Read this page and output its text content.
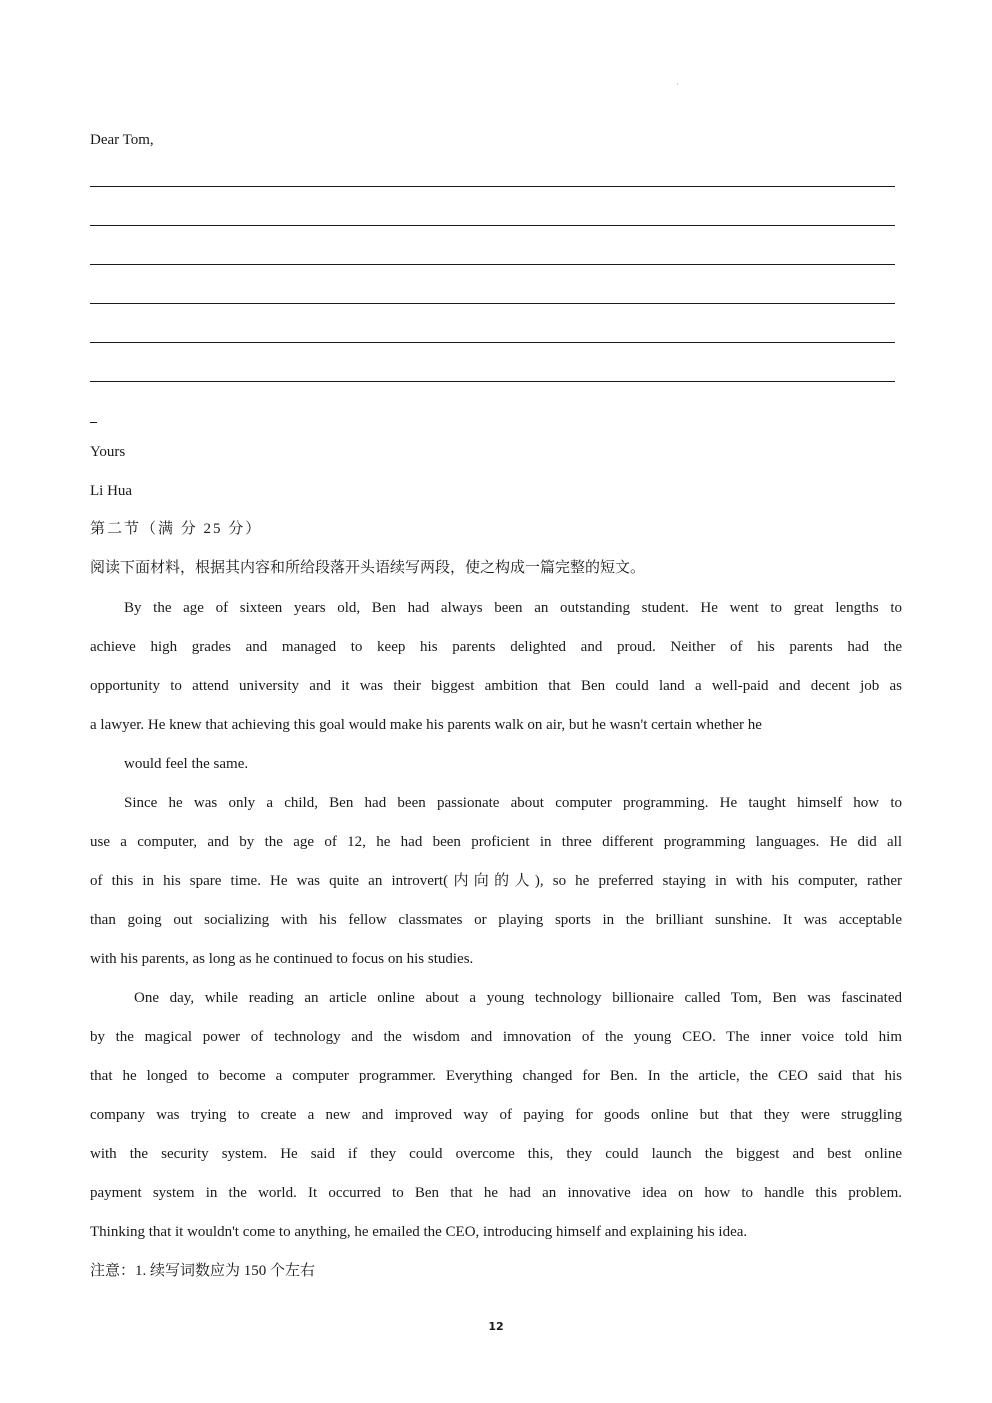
·
Dear Tom,
Yours
Li Hua
第二节（满 分 25 分）
阅读下面材料，根据其内容和所给段落开头语续写两段，使之构成一篇完整的短文。
By the age of sixteen years old, Ben had always been an outstanding student. He went to great lengths to
achieve high grades and managed to keep his parents delighted and proud. Neither of his parents had the
opportunity to attend university and it was their biggest ambition that Ben could land a well-paid and decent job as
a lawyer. He knew that achieving this goal would make his parents walk on air, but he wasn't certain whether he
would feel the same.
Since he was only a child, Ben had been passionate about computer programming. He taught himself how to
use a computer, and by the age of 12, he had been proficient in three different programming languages. He did all
of this in his spare time. He was quite an introvert(内向的人), so he preferred staying in with his computer, rather
than going out socializing with his fellow classmates or playing sports in the brilliant sunshine. It was acceptable
with his parents, as long as he continued to focus on his studies.
One day, while reading an article online about a young technology billionaire called Tom, Ben was fascinated
by the magical power of technology and the wisdom and imnovation of the young CEO. The inner voice told him
that he longed to become a computer programmer. Everything changed for Ben. In the article, the CEO said that his
company was trying to create a new and improved way of paying for goods online but that they were struggling
with the security system. He said if they could overcome this, they could launch the biggest and best online
payment system in the world. It occurred to Ben that he had an innovative idea on how to handle this problem.
Thinking that it wouldn't come to anything, he emailed the CEO, introducing himself and explaining his idea.
注意：1. 续写词数应为 150 个左右
12
